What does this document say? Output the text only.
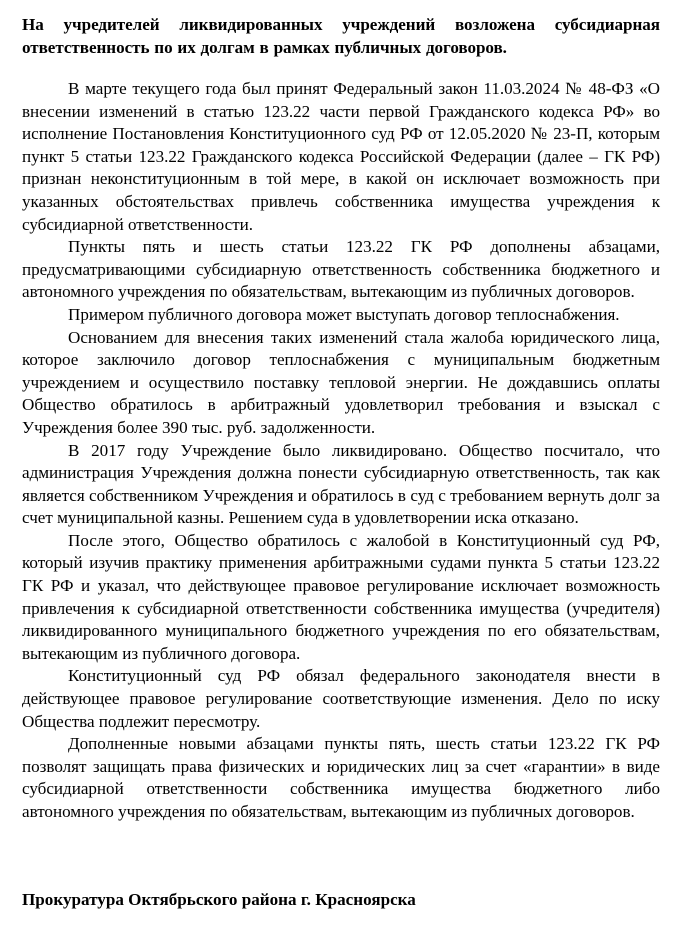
На учредителей ликвидированных учреждений возложена субсидиарная ответственность по их долгам в рамках публичных договоров.

В марте текущего года был принят Федеральный закон 11.03.2024 № 48-ФЗ «О внесении изменений в статью 123.22 части первой Гражданского кодекса РФ» во исполнение Постановления Конституционного суд РФ от 12.05.2020 № 23-П, которым пункт 5 статьи 123.22 Гражданского кодекса Российской Федерации (далее – ГК РФ) признан неконституционным в той мере, в какой он исключает возможность при указанных обстоятельствах привлечь собственника имущества учреждения к субсидиарной ответственности.

Пункты пять и шесть статьи 123.22 ГК РФ дополнены абзацами, предусматривающими субсидиарную ответственность собственника бюджетного и автономного учреждения по обязательствам, вытекающим из публичных договоров.

Примером публичного договора может выступать договор теплоснабжения.

Основанием для внесения таких изменений стала жалоба юридического лица, которое заключило договор теплоснабжения с муниципальным бюджетным учреждением и осуществило поставку тепловой энергии. Не дождавшись оплаты Общество обратилось в арбитражный удовлетворил требования и взыскал с Учреждения более 390 тыс. руб. задолженности.

В 2017 году Учреждение было ликвидировано. Общество посчитало, что администрация Учреждения должна понести субсидиарную ответственность, так как является собственником Учреждения и обратилось в суд с требованием вернуть долг за счет муниципальной казны. Решением суда в удовлетворении иска отказано.

После этого, Общество обратилось с жалобой в Конституционный суд РФ, который изучив практику применения арбитражными судами пункта 5 статьи 123.22 ГК РФ и указал, что действующее правовое регулирование исключает возможность привлечения к субсидиарной ответственности собственника имущества (учредителя) ликвидированного муниципального бюджетного учреждения по его обязательствам, вытекающим из публичного договора.

Конституционный суд РФ обязал федерального законодателя внести в действующее правовое регулирование соответствующие изменения. Дело по иску Общества подлежит пересмотру.

Дополненные новыми абзацами пункты пять, шесть статьи 123.22 ГК РФ позволят защищать права физических и юридических лиц за счет «гарантии» в виде субсидиарной ответственности собственника имущества бюджетного либо автономного учреждения по обязательствам, вытекающим из публичных договоров.

Прокуратура Октябрьского района г. Красноярска
